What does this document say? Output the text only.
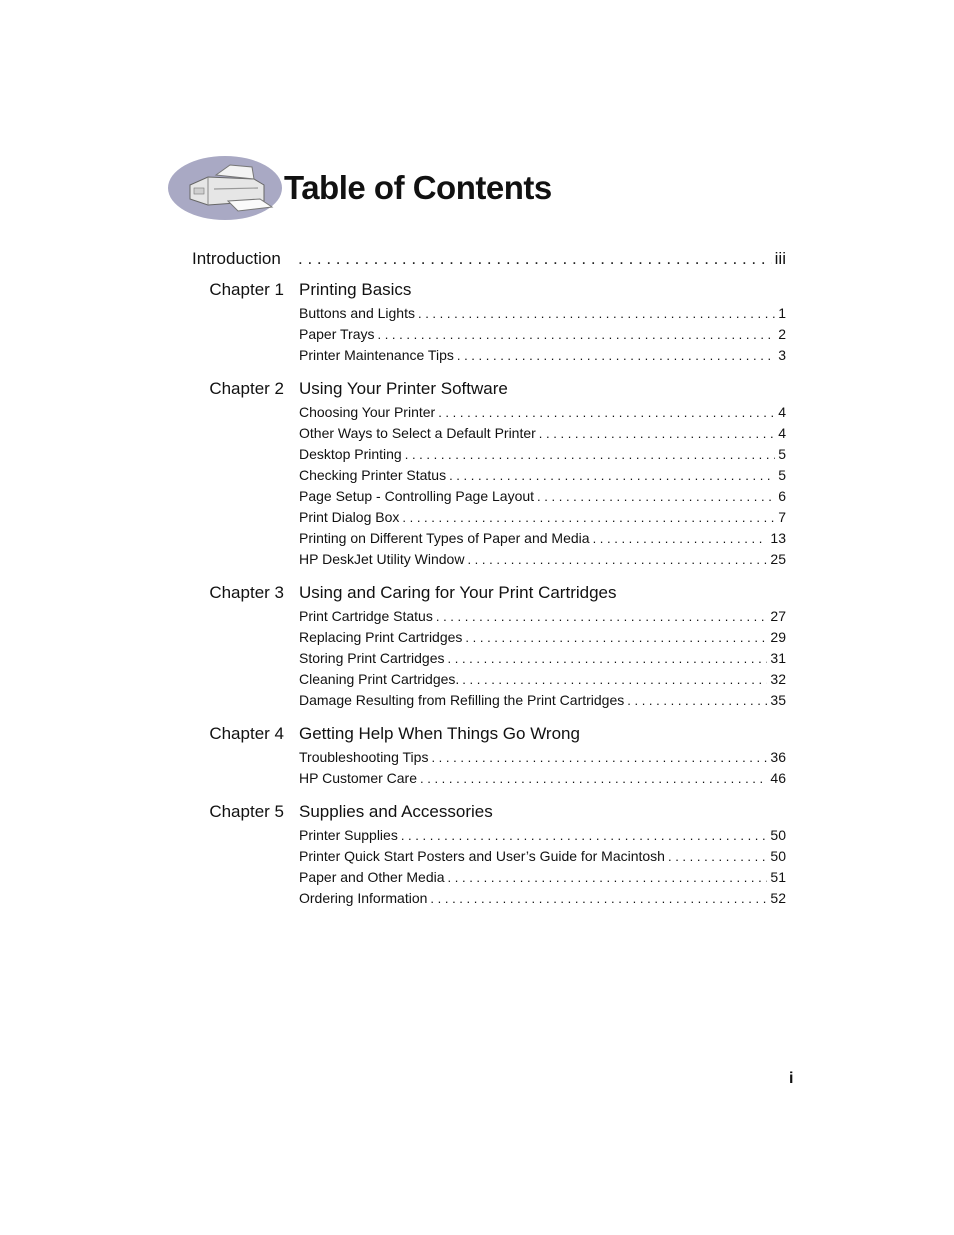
Table of Contents
Introduction . . .	iii
Chapter 1 Printing Basics
Buttons and Lights . . .	1
Paper Trays . . .	2
Printer Maintenance Tips . . .	3
Chapter 2 Using Your Printer Software
Choosing Your Printer . . .	4
Other Ways to Select a Default Printer . . .	4
Desktop Printing . . .	5
Checking Printer Status . . .	5
Page Setup - Controlling Page Layout . . .	6
Print Dialog Box . . .	7
Printing on Different Types of Paper and Media . . .	13
HP DeskJet Utility Window . . .	25
Chapter 3 Using and Caring for Your Print Cartridges
Print Cartridge Status . . .	27
Replacing Print Cartridges . . .	29
Storing Print Cartridges . . .	31
Cleaning Print Cartridges. . . .	32
Damage Resulting from Refilling the Print Cartridges . . .	35
Chapter 4 Getting Help When Things Go Wrong
Troubleshooting Tips . . .	36
HP Customer Care . . .	46
Chapter 5 Supplies and Accessories
Printer Supplies . . .	50
Printer Quick Start Posters and User’s Guide for Macintosh . . .	50
Paper and Other Media . . .	51
Ordering Information . . .	52
i
